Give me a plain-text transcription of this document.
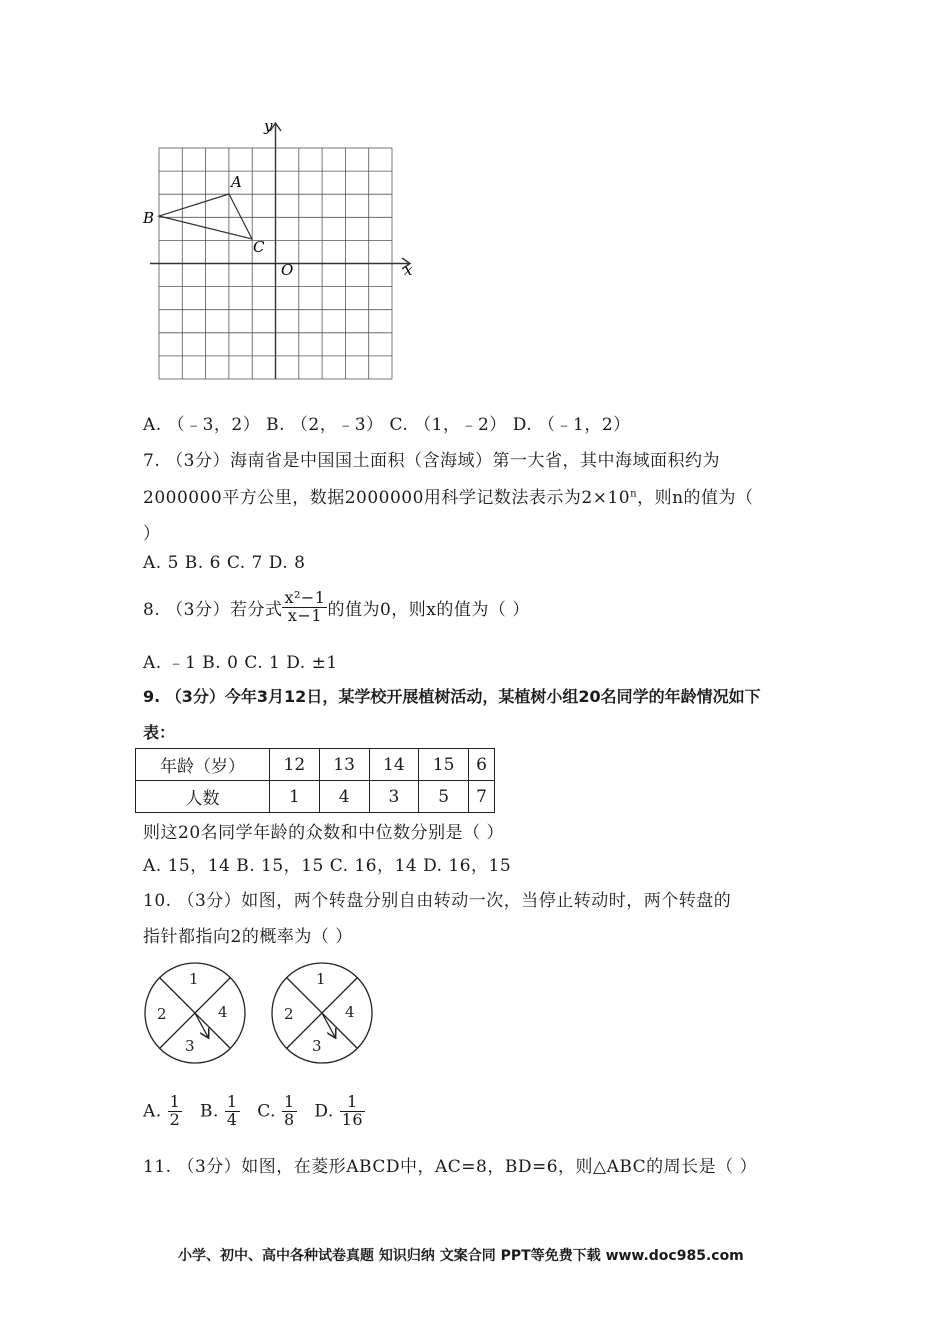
x
y
O
A
B
C
A. （﹣3，2） B. （2，﹣3） C. （1，﹣2） D. （﹣1，2）
7. （3分）海南省是中国国土面积（含海域）第一大省，其中海域面积约为
2000000平方公里，数据2000000用科学记数法表示为$2\times 10^n$，则n的值为（
）
A. 5 B. 6 C. 7 D. 8
8. （3分）若分式 $\frac{\text{x²−1}}{x-1}$ 的值为0，则x的值为（ ）
A. ﹣1 B. 0 C. 1 D. ±1
9. （3分）今年3月12日，某学校开展植树活动，某植树小组20名同学的年龄情况如下
表：
年龄（岁）	12	13	14	15	6
人数	1	4	3	5	7
则这20名同学年龄的众数和中位数分别是（ ）
A. 15，14 B. 15，15 C. 16，14 D. 16，15
10. （3分）如图，两个转盘分别自由转动一次，当停止转动时，两个转盘的
指针都指向2的概率为（ ）
1
2
3
4
1
2
3
4
A. $\frac{1}{2} B$. $\frac{1}{4} C$. $\frac{1}{8} D$. $\frac{1}{16}$
11. （3分）如图，在菱形ABCD中，AC=8，BD=6，则△ABC的周长是（ ）
小学、初中、高中各种试卷真题 知识归纳 文案合同 PPT等免费下载 www.doc985.com
